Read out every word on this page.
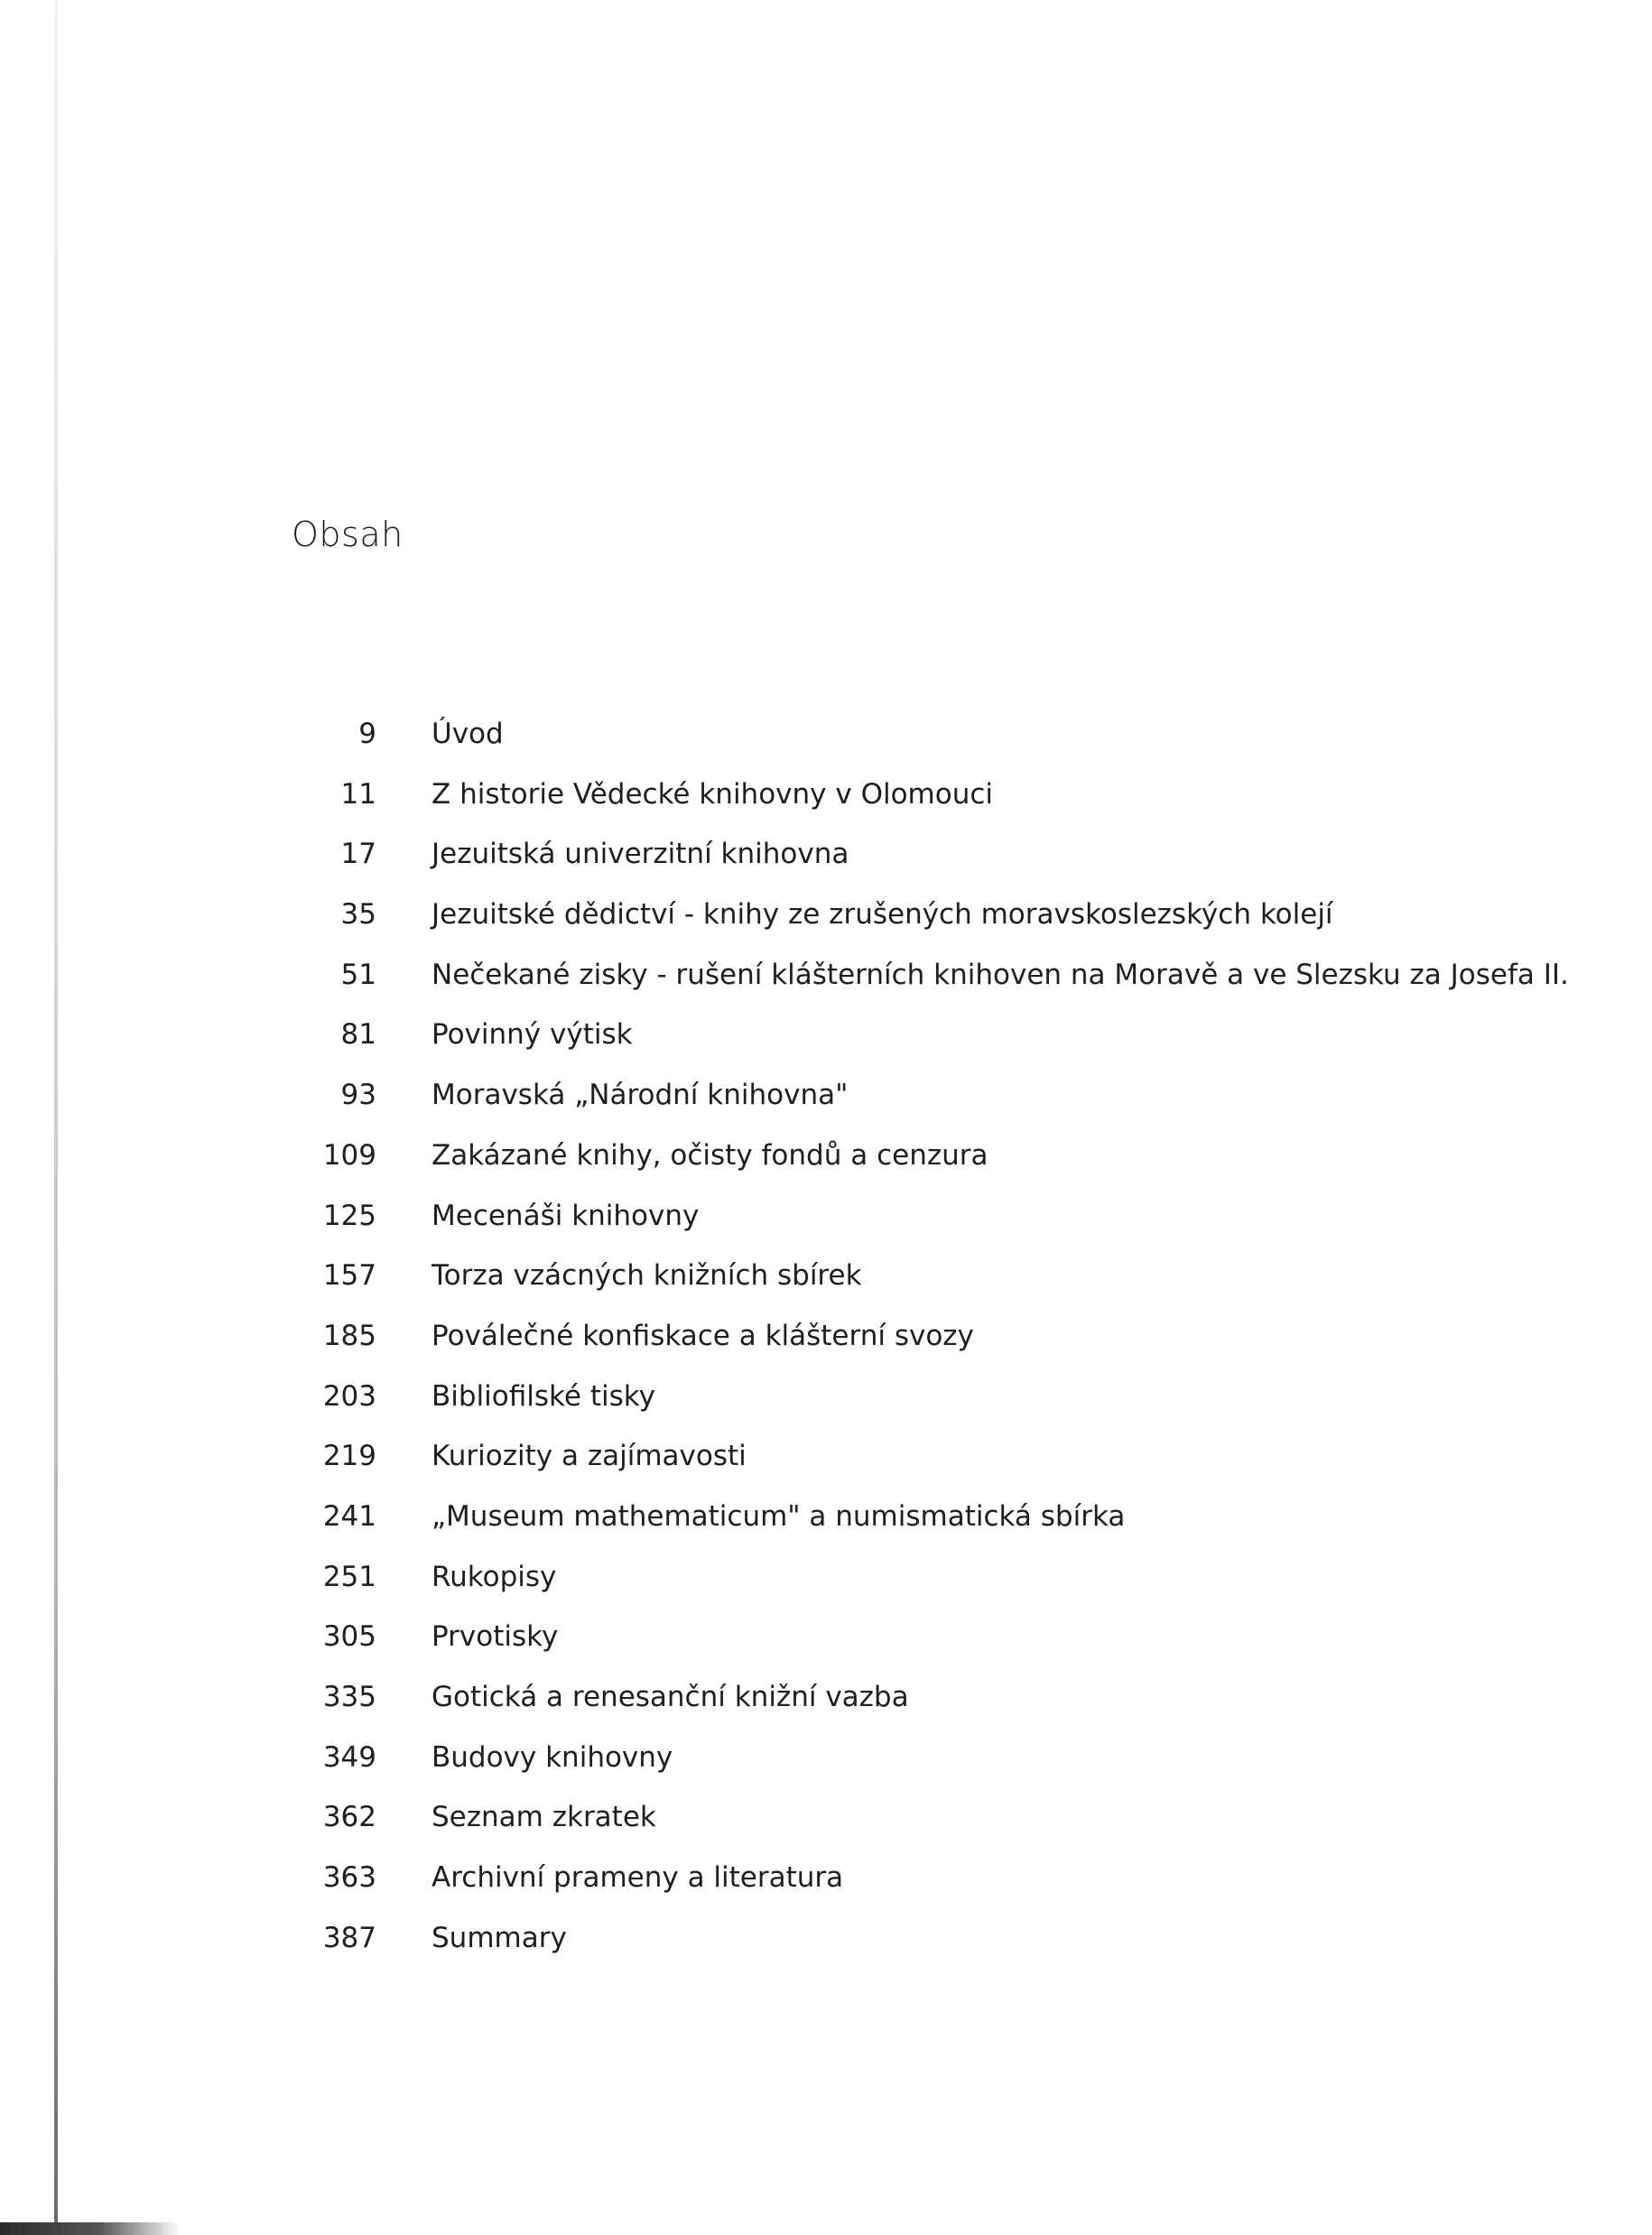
Obsah
9 Úvod
11 Z historie Vědecké knihovny v Olomouci
17 Jezuitská univerzitní knihovna
35 Jezuitské dědictví - knihy ze zrušených moravskoslezských kolejí
51 Nečekané zisky - rušení klášterních knihoven na Moravě a ve Slezsku za Josefa II.
81 Povinný výtisk
93 Moravská „Národní knihovna"
109 Zakázané knihy, očisty fondů a cenzura
125 Mecenáši knihovny
157 Torza vzácných knižních sbírek
185 Poválečné konfiskace a klášterní svozy
203 Bibliofilské tisky
219 Kuriozity a zajímavosti
241 „Museum mathematicum" a numismatická sbírka
251 Rukopisy
305 Prvotisky
335 Gotická a renesanční knižní vazba
349 Budovy knihovny
362 Seznam zkratek
363 Archivní prameny a literatura
387 Summary
